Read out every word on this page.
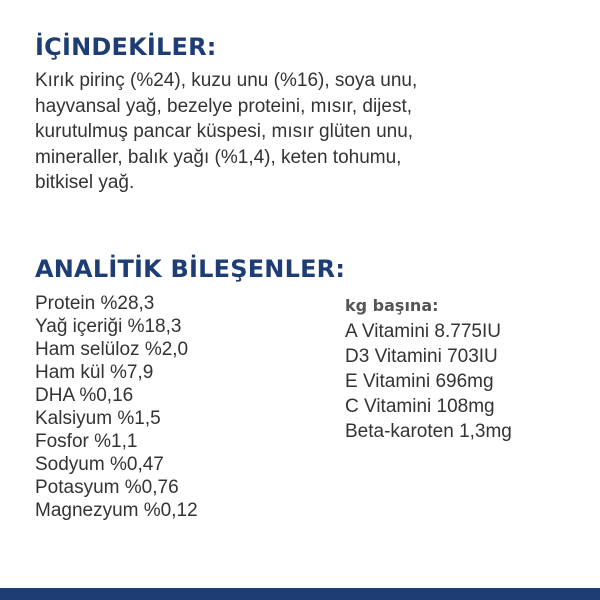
İÇİNDEKİLER:

Kırık pirinç (%24), kuzu unu (%16), soya unu,
hayvansal yağ, bezelye proteini, mısır, dijest,
kurutulmuş pancar küspesi, mısır glüten unu,
mineraller, balık yağı (%1,4), keten tohumu,
bitkisel yağ.

ANALİTİK BİLEŞENLER:
Protein %28,3
Yağ içeriği %18,3
Ham selüloz %2,0
Ham kül %7,9
DHA %0,16
Kalsiyum %1,5
Fosfor %1,1
Sodyum %0,47
Potasyum %0,76
Magnezyum %0,12
kg başına:
A Vitamini 8.775IU
D3 Vitamini 703IU
E Vitamini 696mg
C Vitamini 108mg
Beta-karoten 1,3mg
